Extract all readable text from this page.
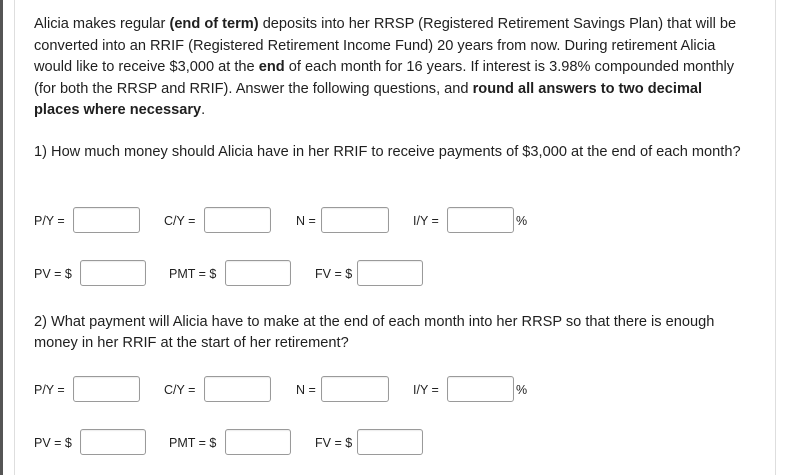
Alicia makes regular (end of term) deposits into her RRSP (Registered Retirement Savings Plan) that will be converted into an RRIF (Registered Retirement Income Fund) 20 years from now. During retirement Alicia would like to receive $3,000 at the end of each month for 16 years. If interest is 3.98% compounded monthly (for both the RRSP and RRIF). Answer the following questions, and round all answers to two decimal places where necessary.

1) How much money should Alicia have in her RRIF to receive payments of $3,000 at the end of each month?

P/Y =	C/Y =	N =	I/Y =	%
PV = $	PMT = $	FV = $

2) What payment will Alicia have to make at the end of each month into her RRSP so that there is enough money in her RRIF at the start of her retirement?

P/Y =	C/Y =	N =	I/Y =	%
PV = $	PMT = $	FV = $
